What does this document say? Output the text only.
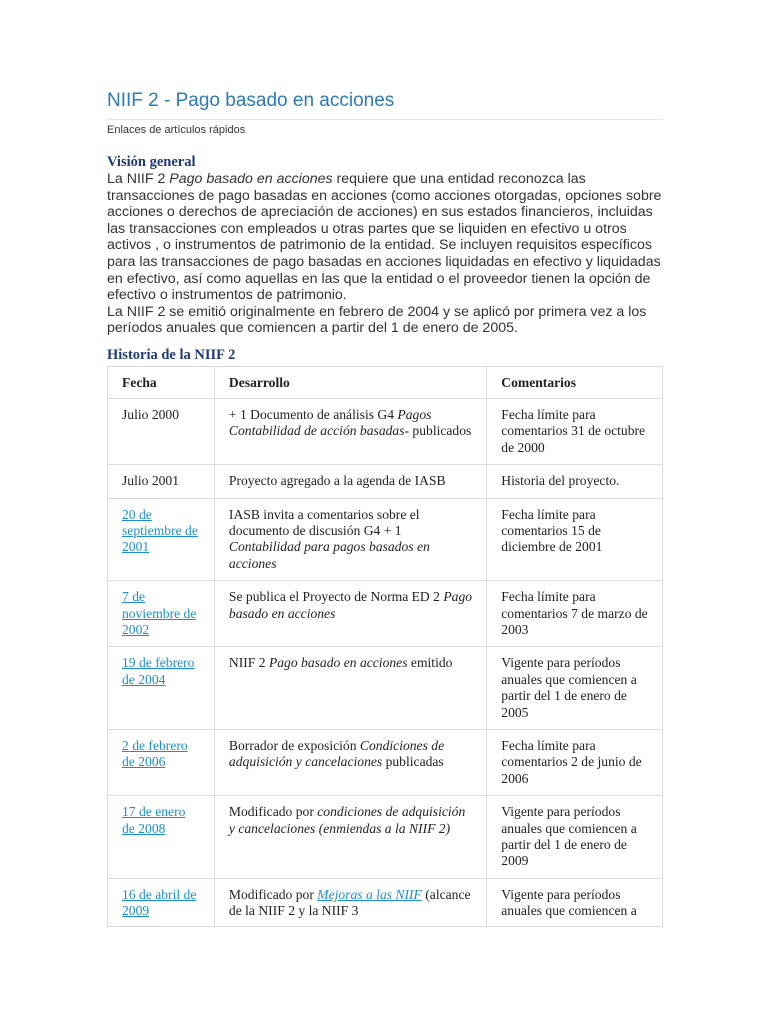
NIIF 2 - Pago basado en acciones
Enlaces de artículos rápidos
Visión general

La NIIF 2 Pago basado en acciones requiere que una entidad reconozca las transacciones de pago basadas en acciones (como acciones otorgadas, opciones sobre acciones o derechos de apreciación de acciones) en sus estados financieros, incluidas las transacciones con empleados u otras partes que se liquiden en efectivo u otros activos , o instrumentos de patrimonio de la entidad. Se incluyen requisitos específicos para las transacciones de pago basadas en acciones liquidadas en efectivo y liquidadas en efectivo, así como aquellas en las que la entidad o el proveedor tienen la opción de efectivo o instrumentos de patrimonio.

La NIIF 2 se emitió originalmente en febrero de 2004 y se aplicó por primera vez a los períodos anuales que comiencen a partir del 1 de enero de 2005.

Historia de la NIIF 2
Fecha	Desarrollo	Comentarios
Julio 2000	+ 1 Documento de análisis G4 Pagos Contabilidad de acción basadas- publicados	Fecha límite para comentarios 31 de octubre de 2000
Julio 2001	Proyecto agregado a la agenda de IASB	Historia del proyecto.
20 de septiembre de 2001	IASB invita a comentarios sobre el documento de discusión G4 + 1 Contabilidad para pagos basados en acciones	Fecha límite para comentarios 15 de diciembre de 2001
7 de noviembre de 2002	Se publica el Proyecto de Norma ED 2 Pago basado en acciones	Fecha límite para comentarios 7 de marzo de 2003
19 de febrero de 2004	NIIF 2 Pago basado en acciones emitido	Vigente para períodos anuales que comiencen a partir del 1 de enero de 2005
2 de febrero de 2006	Borrador de exposición Condiciones de adquisición y cancelaciones publicadas	Fecha límite para comentarios 2 de junio de 2006
17 de enero de 2008	Modificado por condiciones de adquisición y cancelaciones (enmiendas a la NIIF 2)	Vigente para períodos anuales que comiencen a partir del 1 de enero de 2009
16 de abril de 2009	Modificado por Mejoras a las NIIF (alcance de la NIIF 2 y la NIIF 3	Vigente para períodos anuales que comiencen a
